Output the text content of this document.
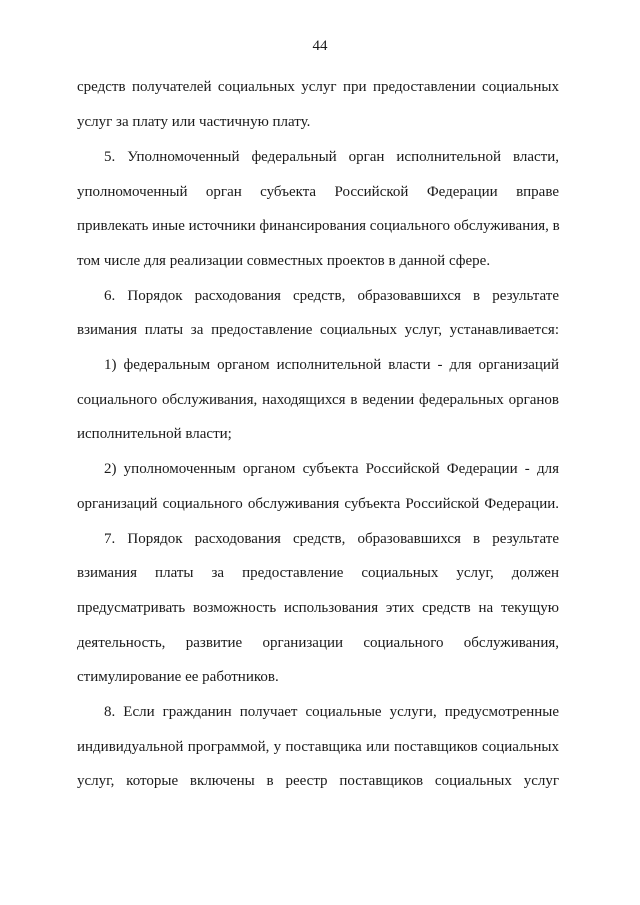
44
средств получателей социальных услуг при предоставлении социальных
услуг за плату или частичную плату.
5. Уполномоченный федеральный орган исполнительной власти,
уполномоченный орган субъекта Российской Федерации вправе
привлекать иные источники финансирования социального обслуживания, в
том числе для реализации совместных проектов в данной сфере.
6. Порядок расходования средств, образовавшихся в результате
взимания платы за предоставление социальных услуг, устанавливается:
1) федеральным органом исполнительной власти - для организаций
социального обслуживания, находящихся в ведении федеральных органов
исполнительной власти;
2) уполномоченным органом субъекта Российской Федерации - для
организаций социального обслуживания субъекта Российской Федерации.
7. Порядок расходования средств, образовавшихся в результате
взимания платы за предоставление социальных услуг, должен
предусматривать возможность использования этих средств на текущую
деятельность, развитие организации социального обслуживания,
стимулирование ее работников.
8. Если гражданин получает социальные услуги, предусмотренные
индивидуальной программой, у поставщика или поставщиков социальных
услуг, которые включены в реестр поставщиков социальных услуг
